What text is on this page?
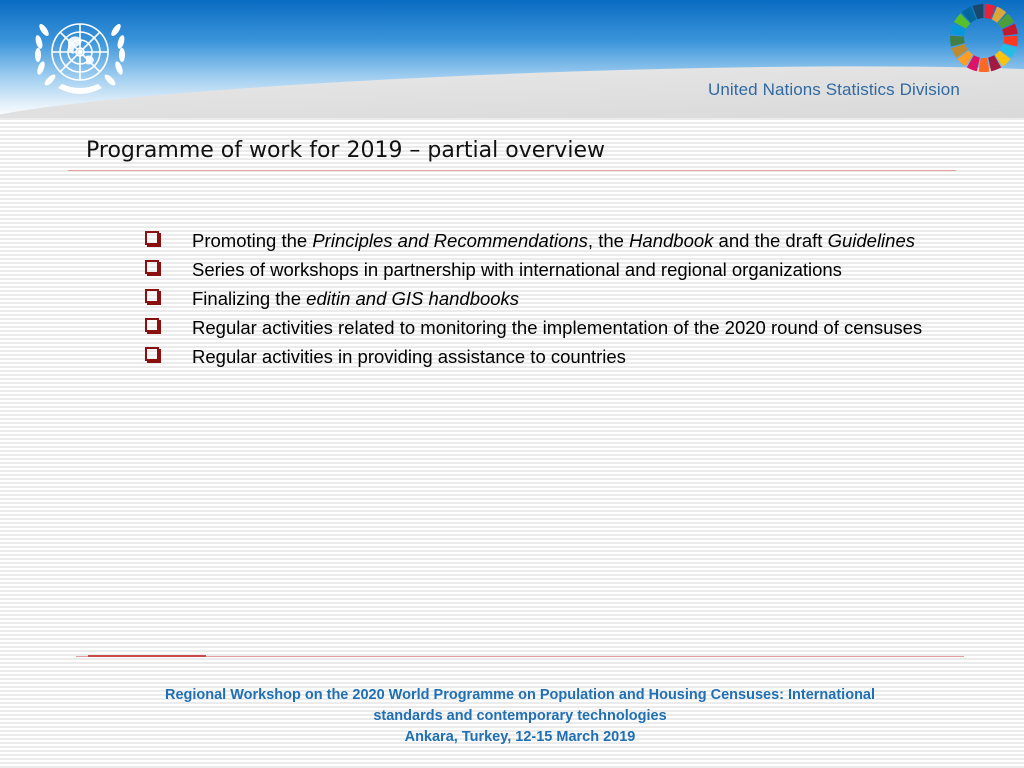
United Nations Statistics Division
Programme of work for 2019 – partial overview
Promoting the Principles and Recommendations, the Handbook and the draft Guidelines
Series of workshops in partnership with international and regional organizations
Finalizing the editin and GIS handbooks
Regular activities related to monitoring the implementation of the 2020 round of censuses
Regular activities in providing assistance to countries
Regional Workshop on the 2020 World Programme on Population and Housing Censuses: International
standards and contemporary technologies
Ankara, Turkey, 12-15 March 2019
